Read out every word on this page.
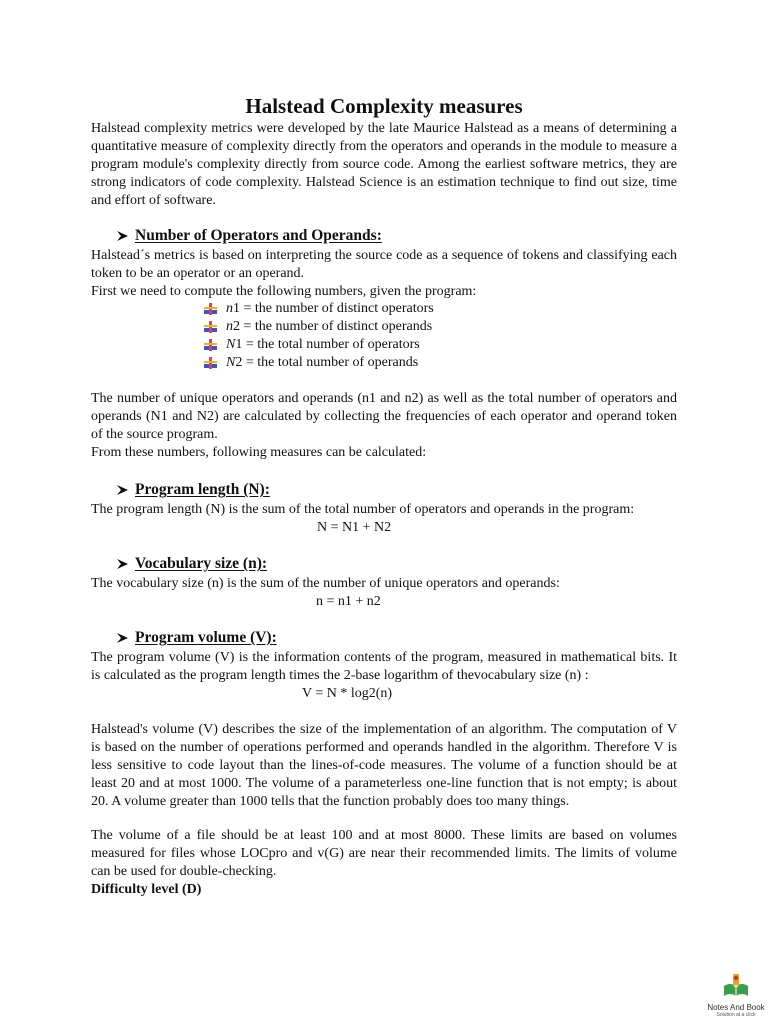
Halstead Complexity measures

Halstead complexity metrics were developed by the late Maurice Halstead as a means of determining a quantitative measure of complexity directly from the operators and operands in the module to measure a program module's complexity directly from source code. Among the earliest software metrics, they are strong indicators of code complexity. Halstead Science is an estimation technique to find out size, time and effort of software.

Number of Operators and Operands:

Halstead´s metrics is based on interpreting the source code as a sequence of tokens and classifying each token to be an operator or an operand.

First we need to compute the following numbers, given the program:

n 1 = the number of distinct operators
n 2 = the number of distinct operands
N 1 = the total number of operators
N 2 = the total number of operands

The number of unique operators and operands (n1 and n2) as well as the total number of operators and operands (N1 and N2) are calculated by collecting the frequencies of each operator and operand token of the source program.

From these numbers, following measures can be calculated:

Program length (N):

The program length (N) is the sum of the total number of operators and operands in the program:

N = N1 + N2

Vocabulary size (n):

The vocabulary size (n) is the sum of the number of unique operators and operands:

n = n1 + n2

Program volume (V):

The program volume (V) is the information contents of the program, measured in mathematical bits. It is calculated as the program length times the 2-base logarithm of thevocabulary size (n) :

V = N * log2(n)

Halstead's volume (V) describes the size of the implementation of an algorithm. The computation of V is based on the number of operations performed and operands handled in the algorithm. Therefore V is less sensitive to code layout than the lines-of-code measures. The volume of a function should be at least 20 and at most 1000. The volume of a parameterless one-line function that is not empty; is about 20. A volume greater than 1000 tells that the function probably does too many things.

The volume of a file should be at least 100 and at most 8000. These limits are based on volumes measured for files whose LOCpro and v(G) are near their recommended limits. The limits of volume can be used for double-checking.

Difficulty level (D)

Notes And Book
Solution at a click
